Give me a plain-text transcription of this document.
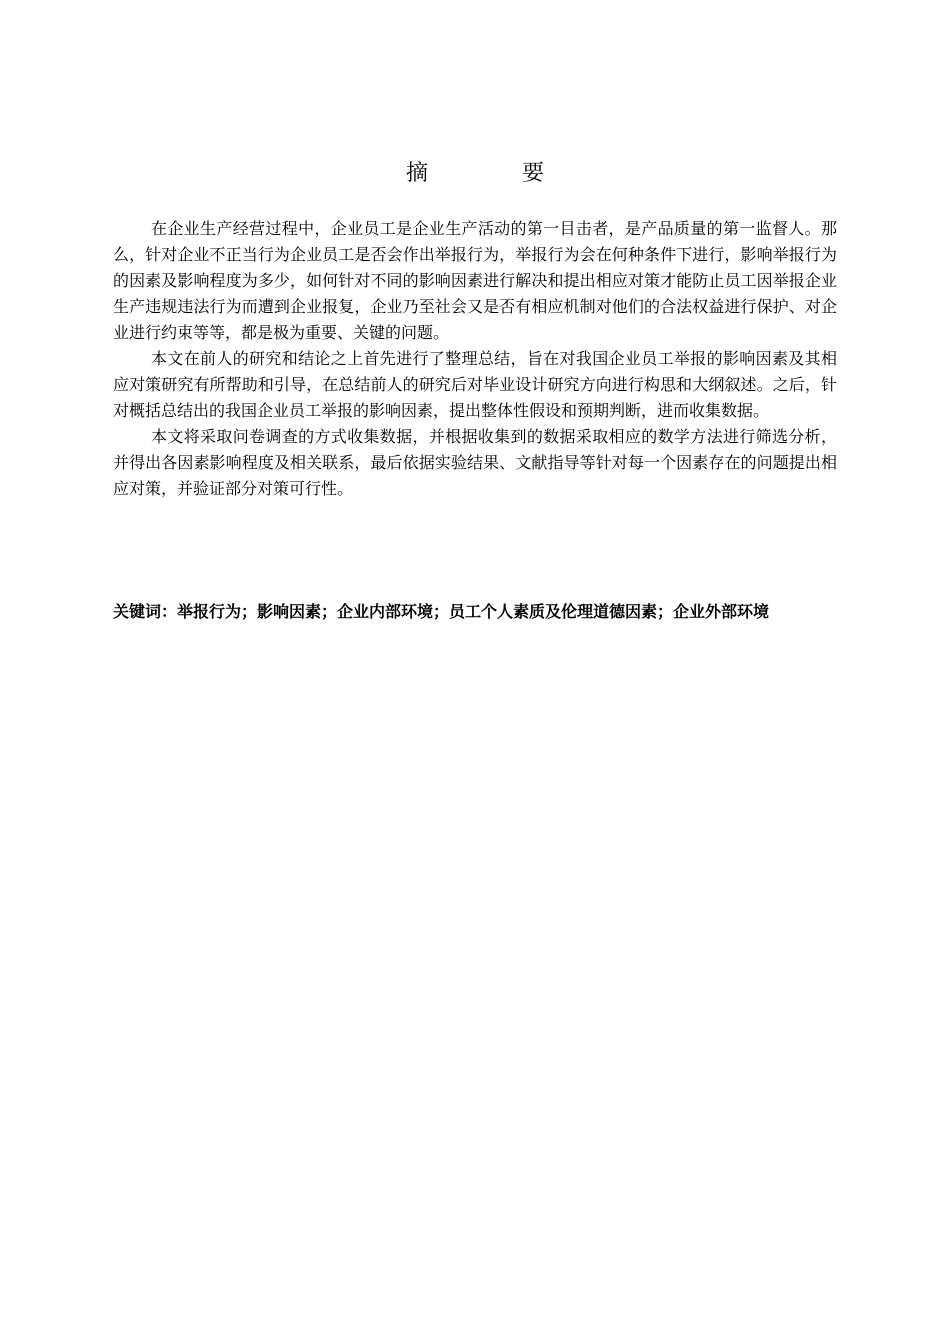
摘　要

在企业生产经营过程中，企业员工是企业生产活动的第一目击者，是产品质量的第一监督人。那么，针对企业不正当行为企业员工是否会作出举报行为，举报行为会在何种条件下进行，影响举报行为的因素及影响程度为多少，如何针对不同的影响因素进行解决和提出相应对策才能防止员工因举报企业生产违规违法行为而遭到企业报复，企业乃至社会又是否有相应机制对他们的合法权益进行保护、对企业进行约束等等，都是极为重要、关键的问题。

本文在前人的研究和结论之上首先进行了整理总结，旨在对我国企业员工举报的影响因素及其相应对策研究有所帮助和引导，在总结前人的研究后对毕业设计研究方向进行构思和大纲叙述。之后，针对概括总结出的我国企业员工举报的影响因素，提出整体性假设和预期判断，进而收集数据。

本文将采取问卷调查的方式收集数据，并根据收集到的数据采取相应的数学方法进行筛选分析，并得出各因素影响程度及相关联系，最后依据实验结果、文献指导等针对每一个因素存在的问题提出相应对策，并验证部分对策可行性。

关键词：举报行为；影响因素；企业内部环境；员工个人素质及伦理道德因素；企业外部环境
